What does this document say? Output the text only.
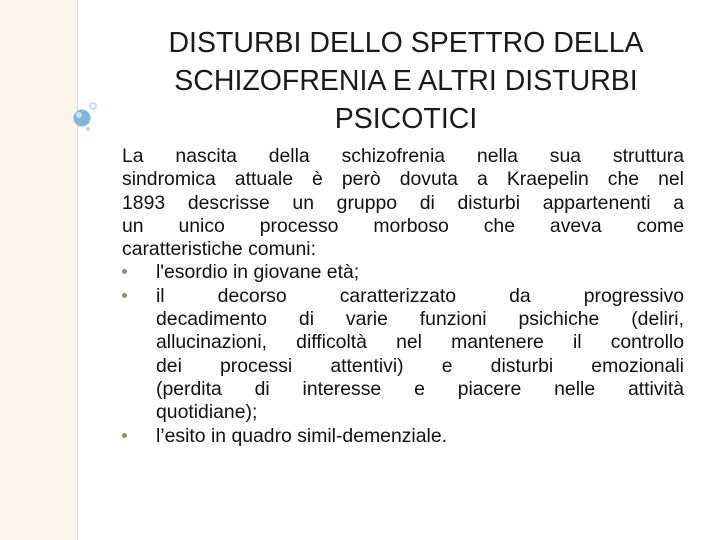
DISTURBI DELLO SPETTRO DELLA
SCHIZOFRENIA E ALTRI DISTURBI
PSICOTICI
La nascita della schizofrenia nella sua struttura
sindromica attuale è però dovuta a Kraepelin che nel
1893 descrisse un gruppo di disturbi appartenenti a
un unico processo morboso che aveva come
caratteristiche comuni:
l'esordio in giovane età;
il decorso caratterizzato da progressivo
decadimento di varie funzioni psichiche (deliri,
allucinazioni, difficoltà nel mantenere il controllo
dei processi attentivi) e disturbi emozionali
(perdita di interesse e piacere nelle attività
quotidiane);
l’esito in quadro simil-demenziale.
